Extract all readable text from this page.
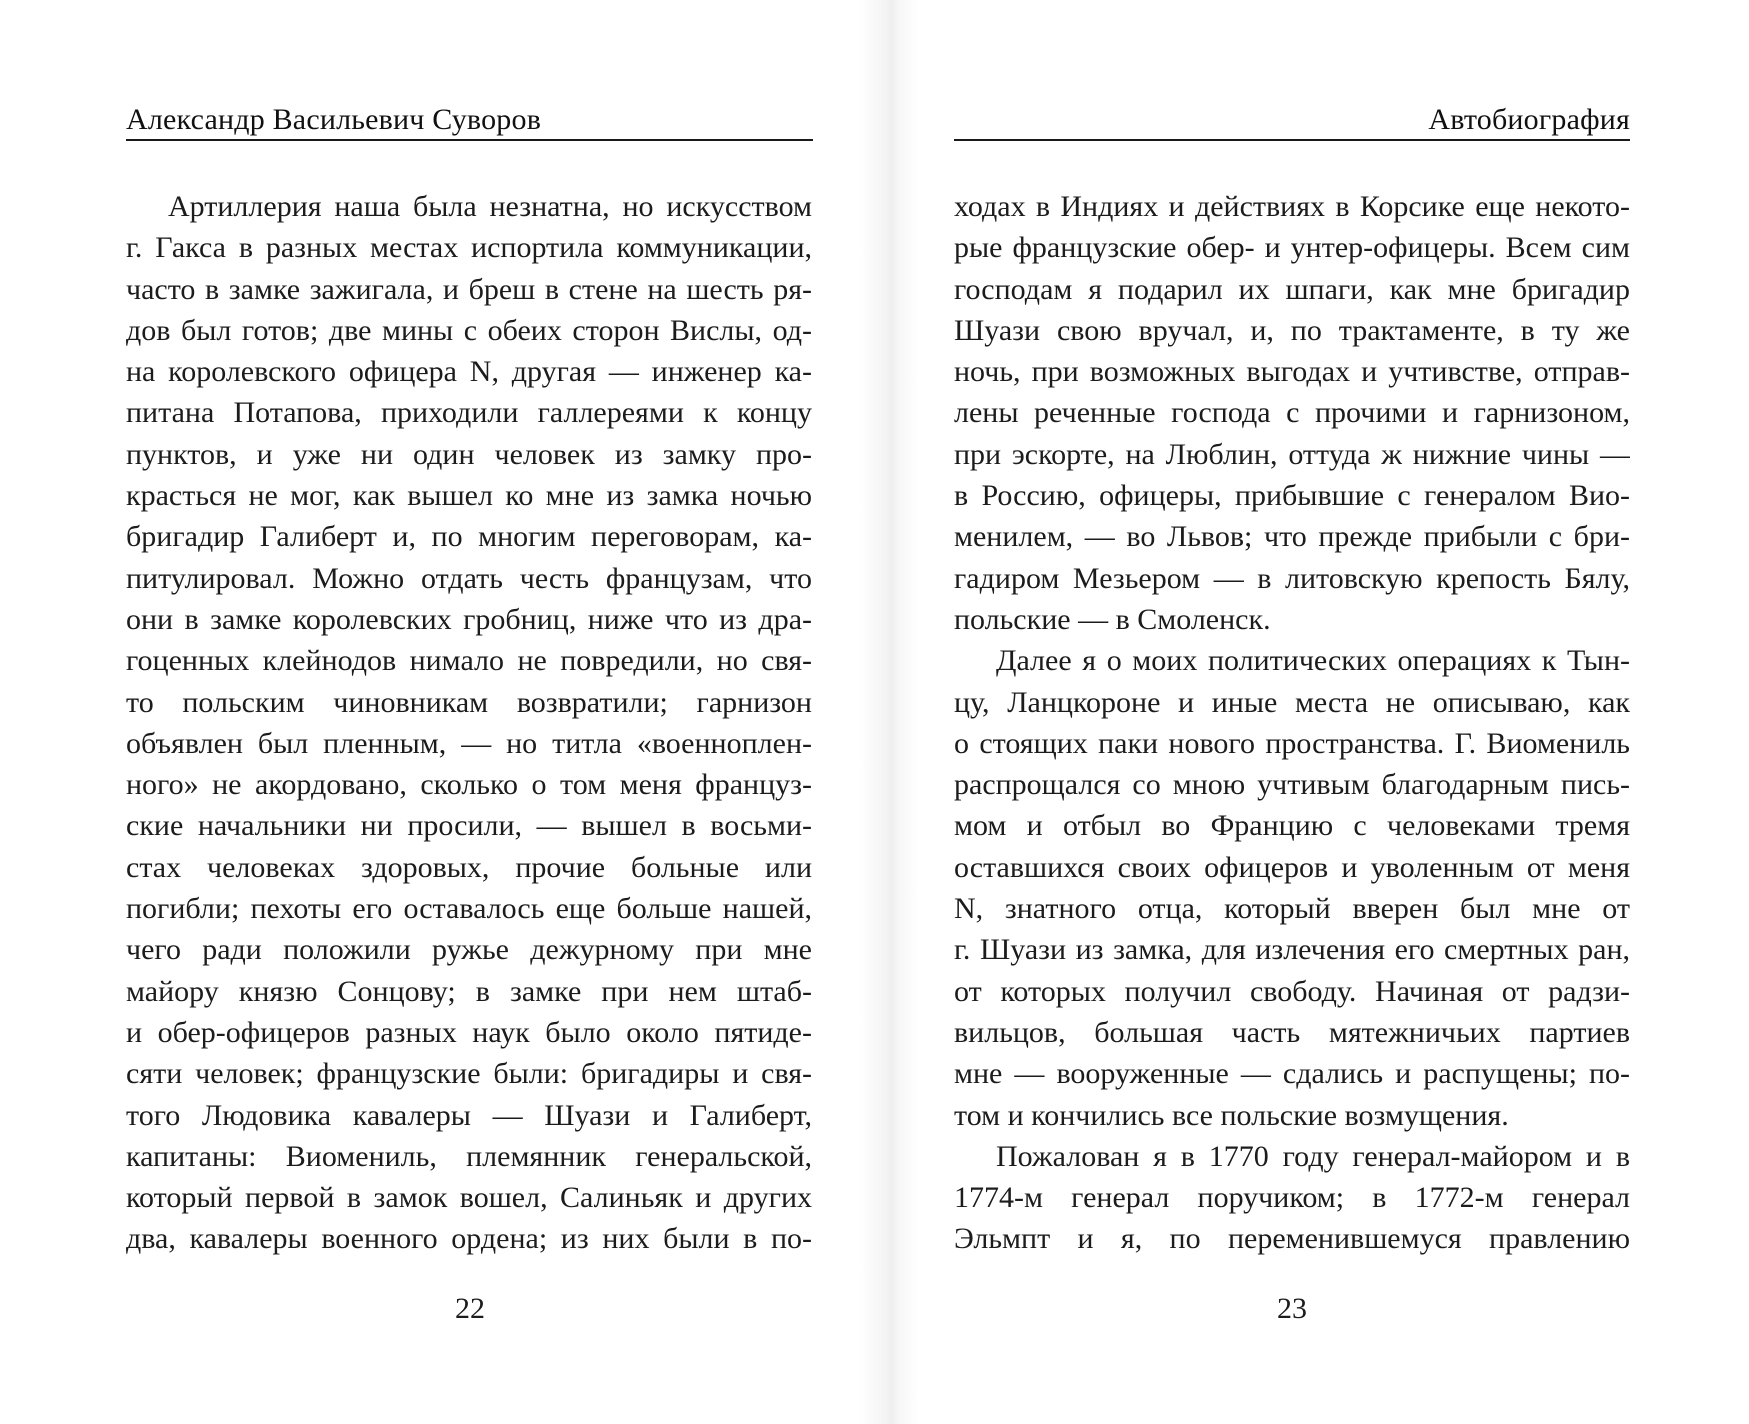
Александр Васильевич Суворов
Артиллерия наша была незнатна, но искусством
г. Гакса в разных местах испортила коммуникации,
часто в замке зажигала, и бреш в стене на шесть ря-
дов был готов; две мины с обеих сторон Вислы, од-
на королевского офицера N, другая — инженер ка-
питана Потапова, приходили галлереями к концу
пунктов, и уже ни один человек из замку про-
красться не мог, как вышел ко мне из замка ночью
бригадир Галиберт и, по многим переговорам, ка-
питулировал. Можно отдать честь французам, что
они в замке королевских гробниц, ниже что из дра-
гоценных клейнодов нимало не повредили, но свя-
то польским чиновникам возвратили; гарнизон
объявлен был пленным, — но титла «военноплен-
ного» не акордовано, сколько о том меня француз-
ские начальники ни просили, — вышел в восьми-
стах человеках здоровых, прочие больные или
погибли; пехоты его оставалось еще больше нашей,
чего ради положили ружье дежурному при мне
майору князю Сонцову; в замке при нем штаб-
и обер-офицеров разных наук было около пятиде-
сяти человек; французские были: бригадиры и свя-
того Людовика кавалеры — Шуази и Галиберт,
капитаны: Виомениль, племянник генеральской,
который первой в замок вошел, Салиньяк и других
два, кавалеры военного ордена; из них были в по-
22
Автобиография
ходах в Индиях и действиях в Корсике еще некото-
рые французские обер- и унтер-офицеры. Всем сим
господам я подарил их шпаги, как мне бригадир
Шуази свою вручал, и, по трактаменте, в ту же
ночь, при возможных выгодах и учтивстве, отправ-
лены реченные господа с прочими и гарнизоном,
при эскорте, на Люблин, оттуда ж нижние чины —
в Россию, офицеры, прибывшие с генералом Вио-
менилем, — во Львов; что прежде прибыли с бри-
гадиром Мезьером — в литовскую крепость Бялу,
польские — в Смоленск.
Далее я о моих политических операциях к Тын-
цу, Ланцкороне и иные места не описываю, как
о стоящих паки нового пространства. Г. Виомениль
распрощался со мною учтивым благодарным пись-
мом и отбыл во Францию с человеками тремя
оставшихся своих офицеров и уволенным от меня
N, знатного отца, который вверен был мне от
г. Шуази из замка, для излечения его смертных ран,
от которых получил свободу. Начиная от радзи-
вильцов, большая часть мятежничьих партиев
мне — вооруженные — сдались и распущены; по-
том и кончились все польские возмущения.
Пожалован я в 1770 году генерал-майором и в
1774-м генерал поручиком; в 1772-м генерал
Эльмпт и я, по переменившемуся правлению
23
